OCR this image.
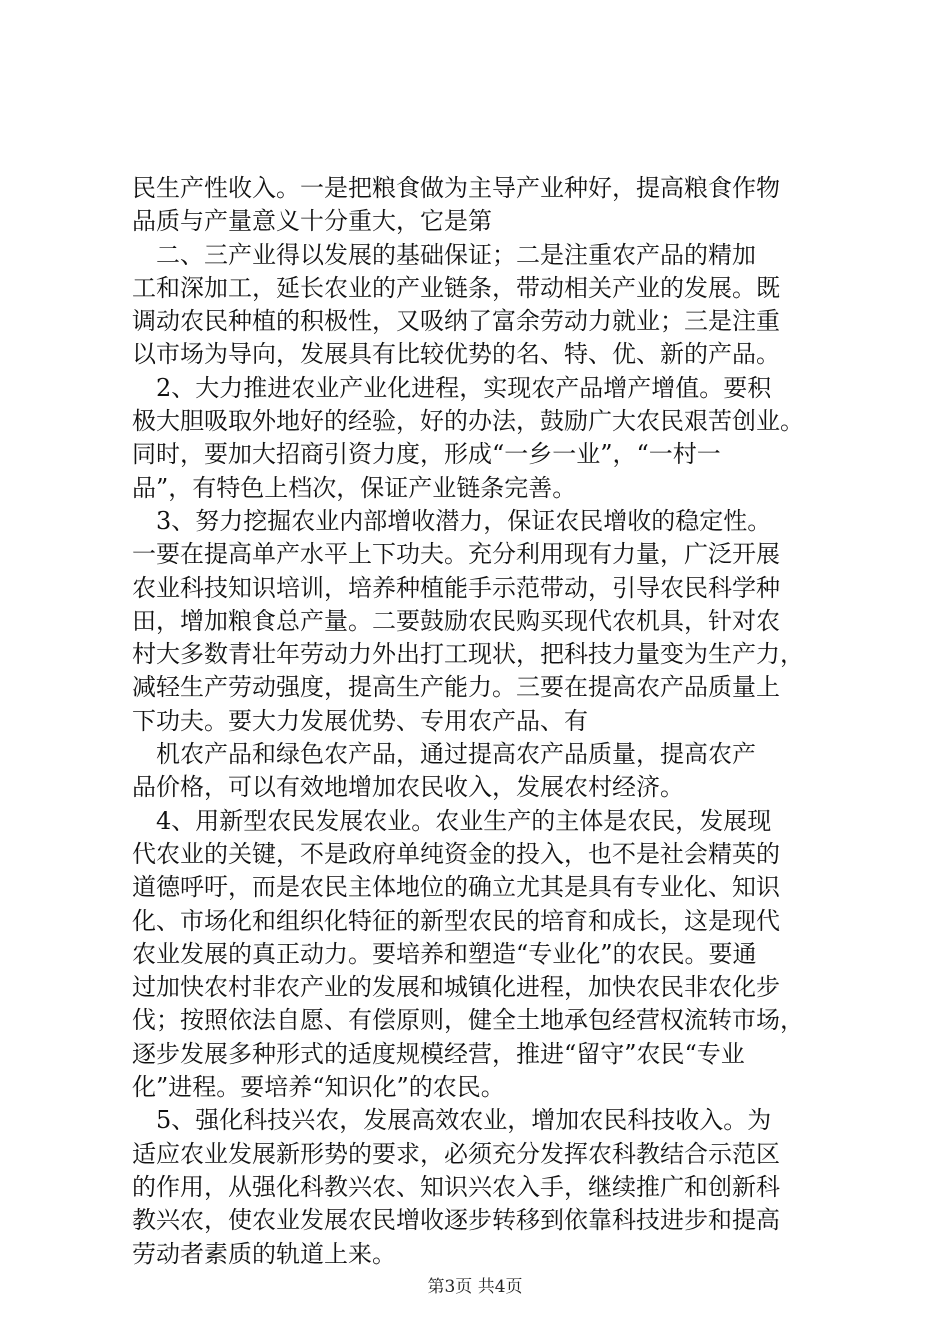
民生产性收入。一是把粮食做为主导产业种好，提高粮食作物
品质与产量意义十分重大，它是第
　二、三产业得以发展的基础保证；二是注重农产品的精加
工和深加工，延长农业的产业链条，带动相关产业的发展。既
调动农民种植的积极性，又吸纳了富余劳动力就业；三是注重
以市场为导向，发展具有比较优势的名、特、优、新的产品。
　2、大力推进农业产业化进程，实现农产品增产增值。要积
极大胆吸取外地好的经验，好的办法，鼓励广大农民艰苦创业。
同时，要加大招商引资力度，形成“一乡一业”，“一村一
品”，有特色上档次，保证产业链条完善。
　3、努力挖掘农业内部增收潜力，保证农民增收的稳定性。
一要在提高单产水平上下功夫。充分利用现有力量，广泛开展
农业科技知识培训，培养种植能手示范带动，引导农民科学种
田，增加粮食总产量。二要鼓励农民购买现代农机具，针对农
村大多数青壮年劳动力外出打工现状，把科技力量变为生产力，
减轻生产劳动强度，提高生产能力。三要在提高农产品质量上
下功夫。要大力发展优势、专用农产品、有
　机农产品和绿色农产品，通过提高农产品质量，提高农产
品价格，可以有效地增加农民收入，发展农村经济。
　4、用新型农民发展农业。农业生产的主体是农民，发展现
代农业的关键，不是政府单纯资金的投入，也不是社会精英的
道德呼吁，而是农民主体地位的确立尤其是具有专业化、知识
化、市场化和组织化特征的新型农民的培育和成长，这是现代
农业发展的真正动力。要培养和塑造“专业化”的农民。要通
过加快农村非农产业的发展和城镇化进程，加快农民非农化步
伐；按照依法自愿、有偿原则，健全土地承包经营权流转市场，
逐步发展多种形式的适度规模经营，推进“留守”农民“专业
化”进程。要培养“知识化”的农民。
　5、强化科技兴农，发展高效农业，增加农民科技收入。为
适应农业发展新形势的要求，必须充分发挥农科教结合示范区
的作用，从强化科教兴农、知识兴农入手，继续推广和创新科
教兴农，使农业发展农民增收逐步转移到依靠科技进步和提高
劳动者素质的轨道上来。
第3页 共4页
